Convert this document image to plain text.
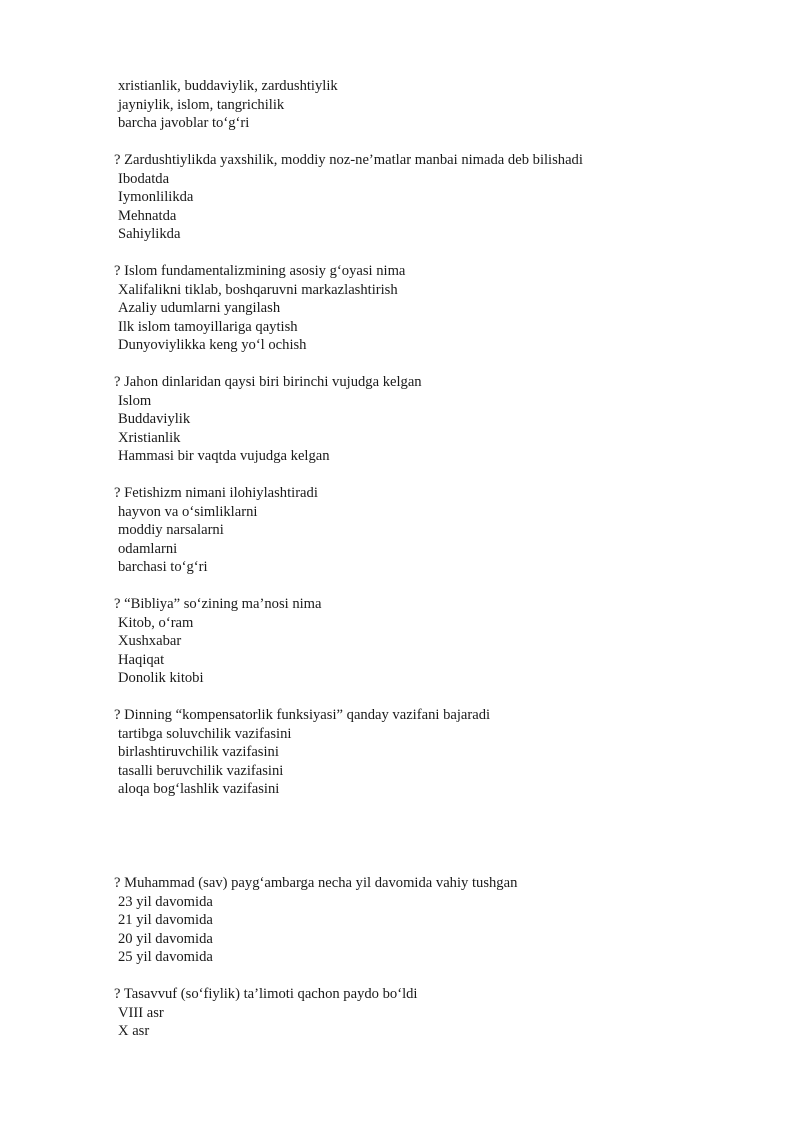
xristianlik, buddaviylik, zardushtiylik
jayniylik, islom, tangrichilik
barcha javoblar to‘g‘ri
? Zardushtiylikda yaxshilik, moddiy noz-ne’matlar manbai nimada deb bilishadi
Ibodatda
Iymonlilikda
Mehnatda
Sahiylikda
? Islom fundamentalizmining asosiy g‘oyasi nima
Xalifalikni tiklab, boshqaruvni markazlashtirish
Azaliy udumlarni yangilash
Ilk islom tamoyillariga qaytish
Dunyoviylikka keng yo‘l ochish
? Jahon dinlaridan qaysi biri birinchi vujudga kelgan
Islom
Buddaviylik
Xristianlik
Hammasi bir vaqtda vujudga kelgan
? Fetishizm nimani ilohiylashtiradi
hayvon va o‘simliklarni
moddiy narsalarni
odamlarni
barchasi to‘g‘ri
? “Bibliya” so‘zining ma’nosi nima
Kitob, o‘ram
Xushxabar
Haqiqat
Donolik kitobi
? Dinning “kompensatorlik funksiyasi” qanday vazifani bajaradi
tartibga soluvchilik vazifasini
birlashtiruvchilik vazifasini
tasalli beruvchilik vazifasini
aloqa bog‘lashlik vazifasini
? Muhammad (sav) payg‘ambarga necha yil davomida vahiy tushgan
23 yil davomida
21 yil davomida
20 yil davomida
25 yil davomida
? Tasavvuf (so‘fiylik) ta’limoti qachon paydo bo‘ldi
VIII asr
X asr
